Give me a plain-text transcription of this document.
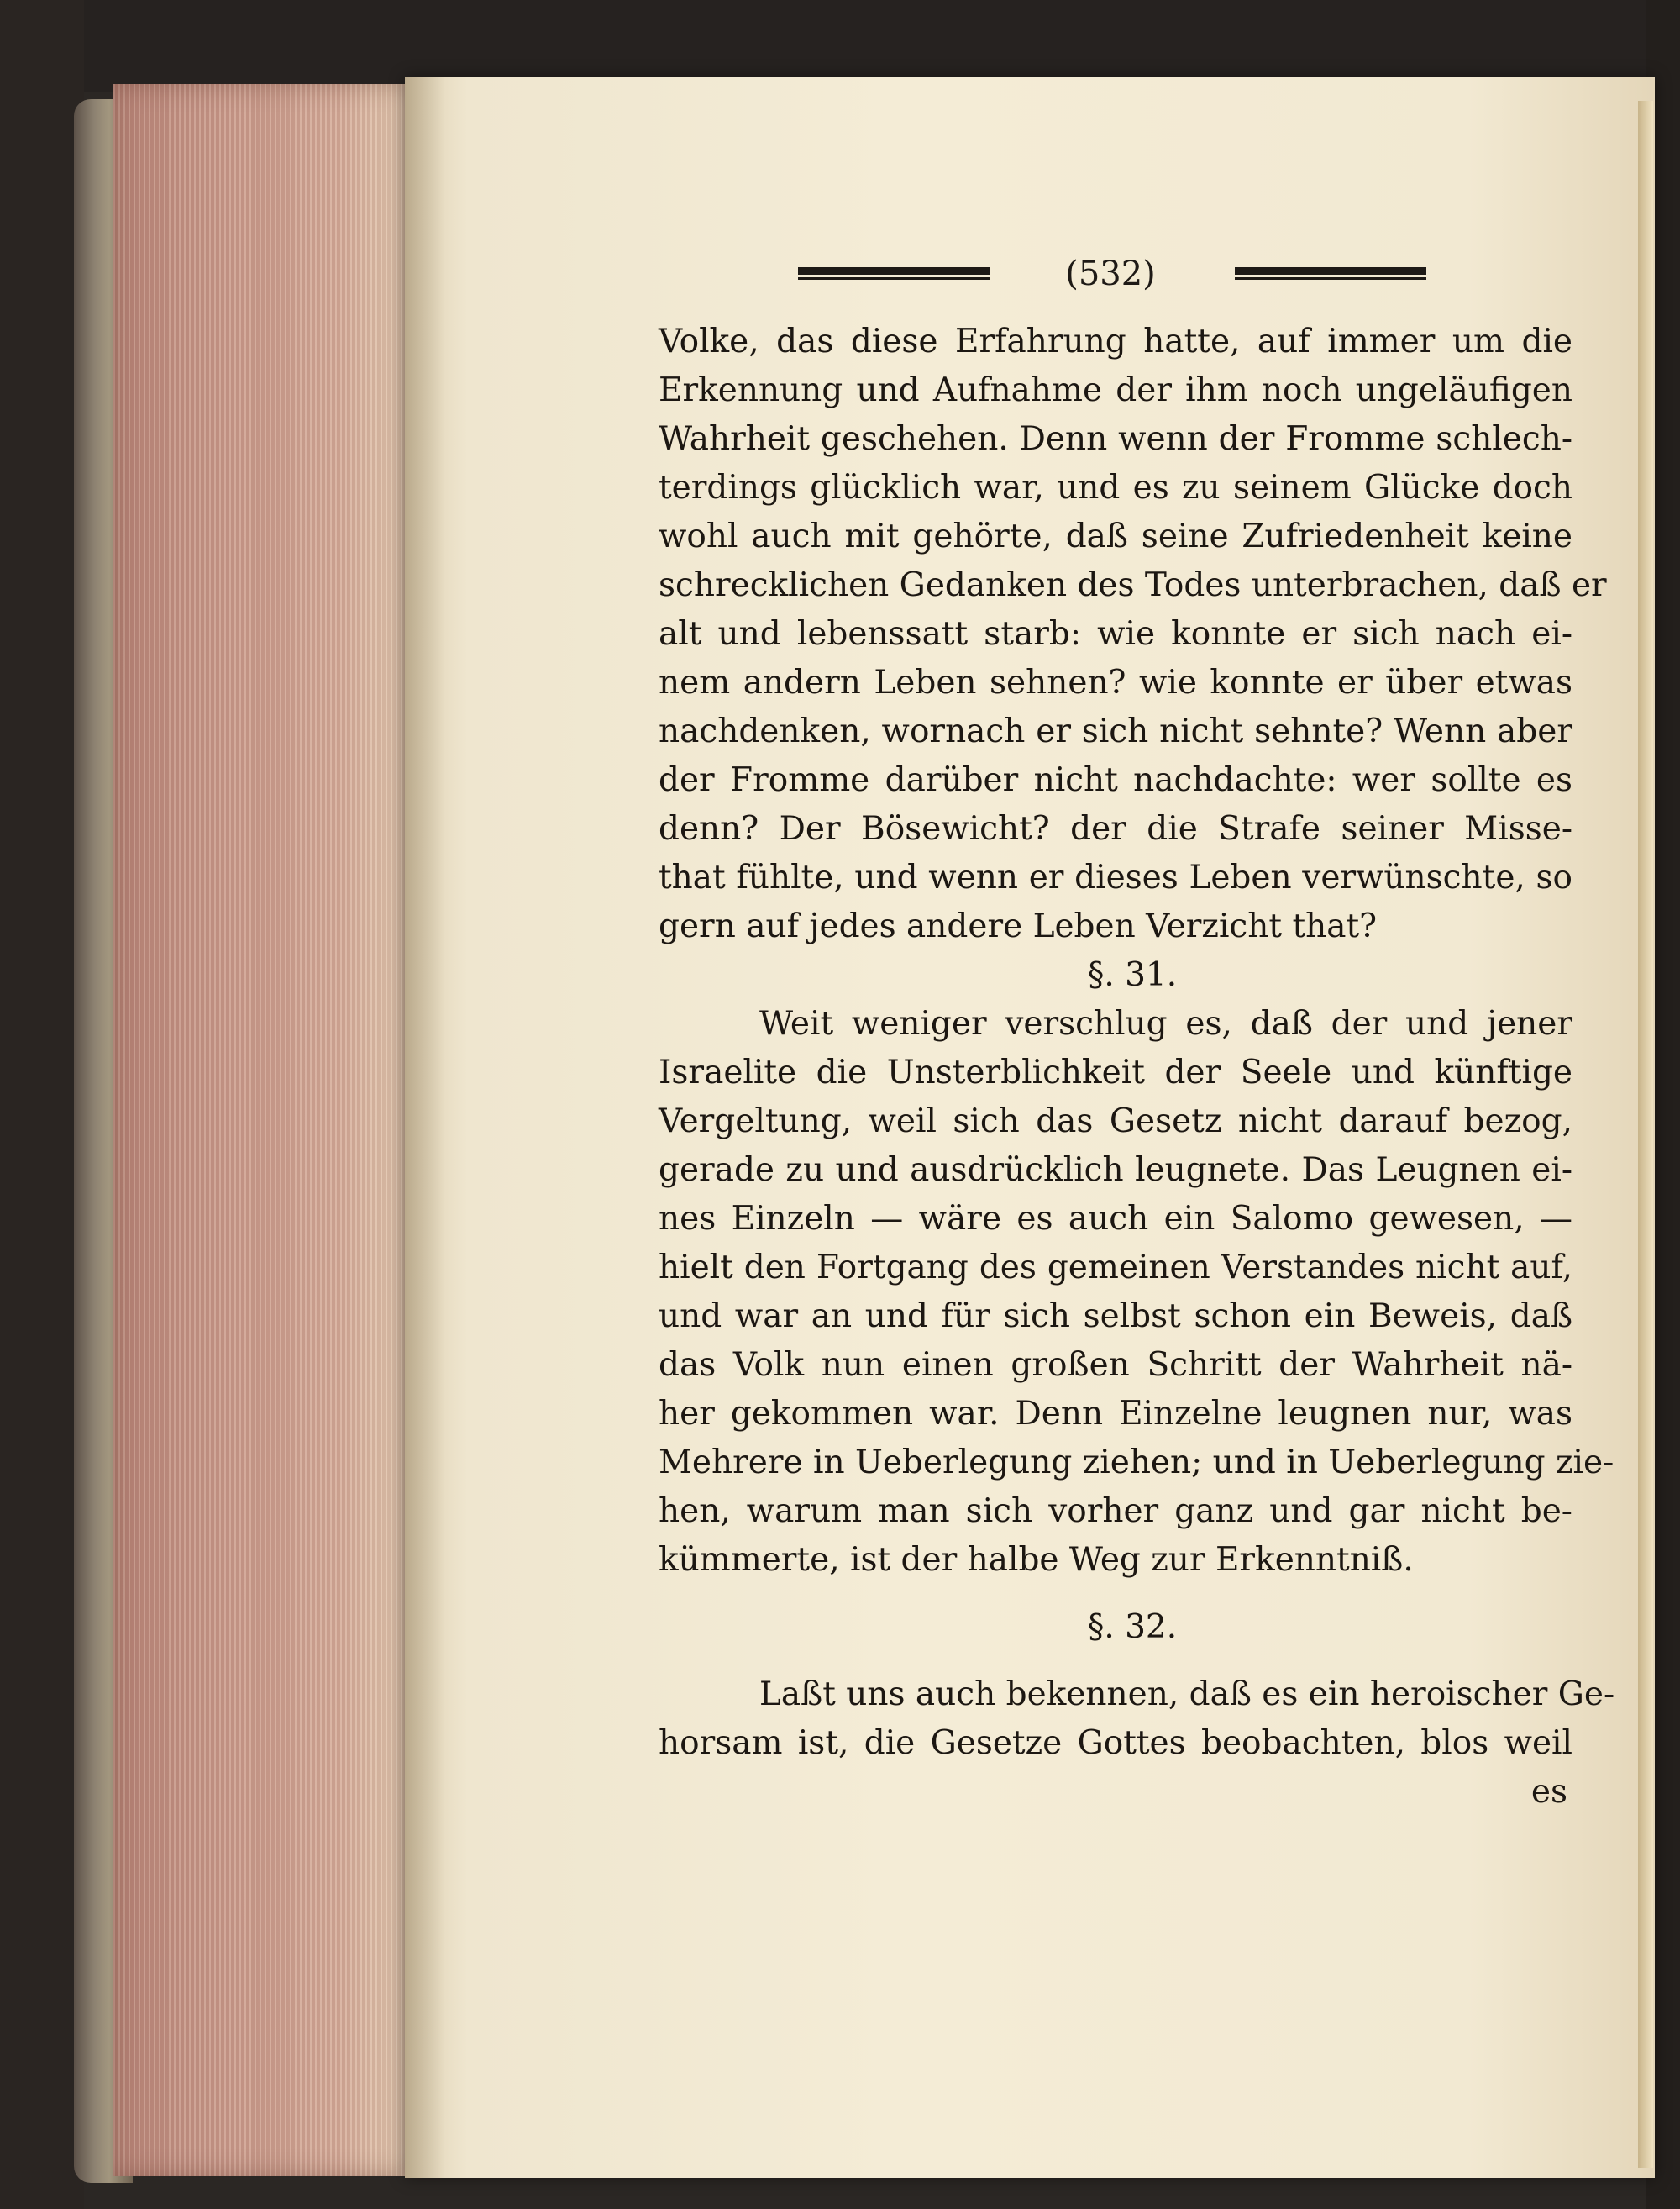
(532)
Volke, das diese Erfahrung hatte, auf immer um die
Erkennung und Aufnahme der ihm noch ungeläufigen
Wahrheit geschehen. Denn wenn der Fromme schlech-
terdings glücklich war, und es zu seinem Glücke doch
wohl auch mit gehörte, daß seine Zufriedenheit keine
schrecklichen Gedanken des Todes unterbrachen, daß er
alt und lebenssatt starb: wie konnte er sich nach ei-
nem andern Leben sehnen? wie konnte er über etwas
nachdenken, wornach er sich nicht sehnte? Wenn aber
der Fromme darüber nicht nachdachte: wer sollte es
denn? Der Bösewicht? der die Strafe seiner Misse-
that fühlte, und wenn er dieses Leben verwünschte, so
gern auf jedes andere Leben Verzicht that?
§. 31.
Weit weniger verschlug es, daß der und jener
Israelite die Unsterblichkeit der Seele und künftige
Vergeltung, weil sich das Gesetz nicht darauf bezog,
gerade zu und ausdrücklich leugnete. Das Leugnen ei-
nes Einzeln — wäre es auch ein Salomo gewesen, —
hielt den Fortgang des gemeinen Verstandes nicht auf,
und war an und für sich selbst schon ein Beweis, daß
das Volk nun einen großen Schritt der Wahrheit nä-
her gekommen war. Denn Einzelne leugnen nur, was
Mehrere in Ueberlegung ziehen; und in Ueberlegung zie-
hen, warum man sich vorher ganz und gar nicht be-
kümmerte, ist der halbe Weg zur Erkenntniß.
§. 32.
Laßt uns auch bekennen, daß es ein heroischer Ge-
horsam ist, die Gesetze Gottes beobachten, blos weil
es
